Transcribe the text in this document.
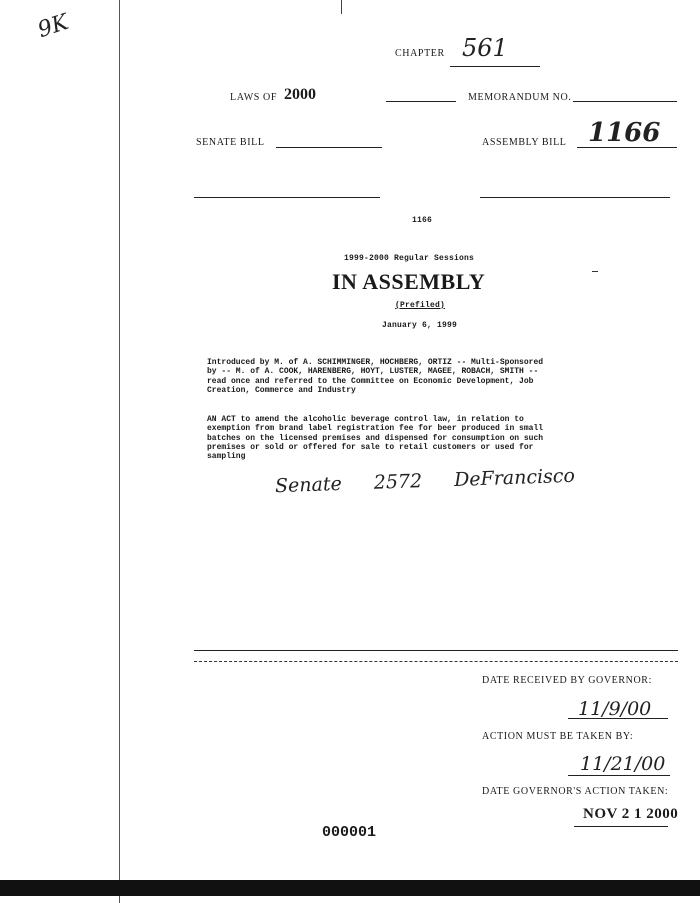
9K
CHAPTER 561
LAWS OF 2000	MEMORANDUM NO.
SENATE BILL	ASSEMBLY BILL 1166
1166
1999-2000 Regular Sessions
IN ASSEMBLY
(Prefiled)
January 6, 1999
Introduced by M. of A. SCHIMMINGER, HOCHBERG, ORTIZ -- Multi-Sponsored
by -- M. of A. COOK, HARENBERG, HOYT, LUSTER, MAGEE, ROBACH, SMITH --
read once and referred to the Committee on Economic Development, Job
Creation, Commerce and Industry
AN ACT to amend the alcoholic beverage control law, in relation to
exemption from brand label registration fee for beer produced in small
batches on the licensed premises and dispensed for consumption on such
premises or sold or offered for sale to retail customers or used for
sampling
Senate 2572 DeFrancisco
DATE RECEIVED BY GOVERNOR:
11/9/00
ACTION MUST BE TAKEN BY:
11/21/00
DATE GOVERNOR'S ACTION TAKEN:
NOV 2 1 2000
000001
